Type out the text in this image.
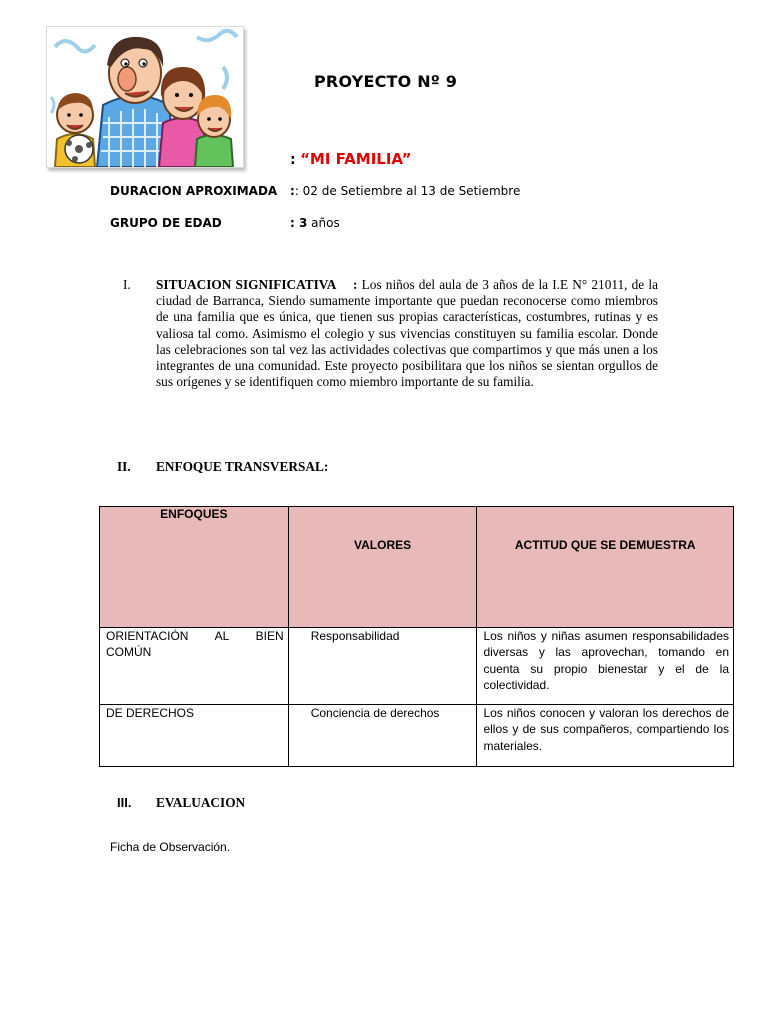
PROYECTO Nº 9
: “MI FAMILIA”
DURACION APROXIMADA :: 02 de Setiembre al 13 de Setiembre
GRUPO DE EDAD	: 3 años
I. SITUACION SIGNIFICATIVA : Los niños del aula de 3 años de la I.E N° 21011, de la ciudad de Barranca, Siendo sumamente importante que puedan reconocerse como miembros de una familia que es única, que tienen sus propias características, costumbres, rutinas y es valiosa tal como. Asimismo el colegio y sus vivencias constituyen su familia escolar. Donde las celebraciones son tal vez las actividades colectivas que compartimos y que más unen a los integrantes de una comunidad. Este proyecto posibilitara que los niños se sientan orgullos de sus orígenes y se identifiquen como miembro importante de su familia.
II. ENFOQUE TRANSVERSAL:
ENFOQUES	VALORES	ACTITUD QUE SE DEMUESTRA

ORIENTACIÓN AL BIEN COMÚN	Responsabilidad	Los niños y niñas asumen responsabilidades diversas y las aprovechan, tomando en cuenta su propio bienestar y el de la colectividad.

DE DERECHOS	Conciencia de derechos	Los niños conocen y valoran los derechos de ellos y de sus compañeros, compartiendo los materiales.
III. EVALUACION
Ficha de Observación.
